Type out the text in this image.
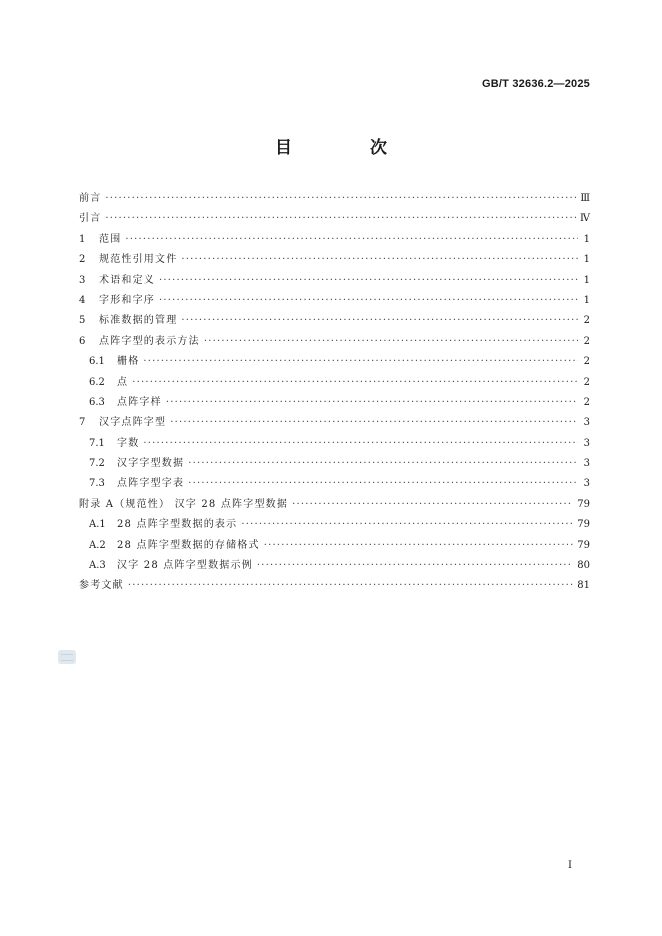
GB/T 32636.2—2025
目 次
前言 ·····	Ⅲ
引言 ·····	Ⅳ
1	范围 ·····	1
2	规范性引用文件 ·····	1
3	术语和定义 ·····	1
4	字形和字序 ·····	1
5	标准数据的管理 ·····	2
6	点阵字型的表示方法 ·····	2
6.1	栅格 ·····	2
6.2	点 ·····	2
6.3	点阵字样 ·····	2
7	汉字点阵字型 ·····	3
7.1	字数 ·····	3
7.2	汉字字型数据 ·····	3
7.3	点阵字型字表 ·····	3
附录 A（规范性） 汉字 28 点阵字型数据 ·····	79
A.1	28 点阵字型数据的表示 ·····	79
A.2	28 点阵字型数据的存储格式 ·····	79
A.3	汉字 28 点阵字型数据示例 ·····	80
参考文献 ·····	81
I
